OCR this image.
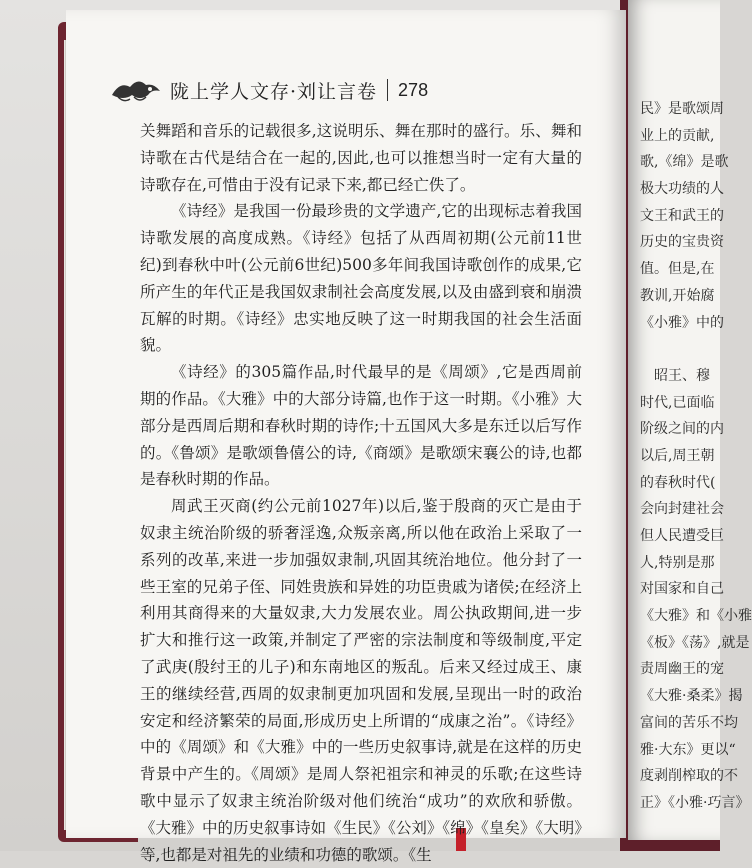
陇上学人文存·刘让言卷 278

关舞蹈和音乐的记载很多,这说明乐、舞在那时的盛行。乐、舞和诗歌在古代是结合在一起的,因此,也可以推想当时一定有大量的诗歌存在,可惜由于没有记录下来,都已经亡佚了。

《诗经》是我国一份最珍贵的文学遗产,它的出现标志着我国诗歌发展的高度成熟。《诗经》包括了从西周初期(公元前11世纪)到春秋中叶(公元前6世纪)500多年间我国诗歌创作的成果,它所产生的年代正是我国奴隶制社会高度发展,以及由盛到衰和崩溃瓦解的时期。《诗经》忠实地反映了这一时期我国的社会生活面貌。

《诗经》的305篇作品,时代最早的是《周颂》,它是西周前期的作品。《大雅》中的大部分诗篇,也作于这一时期。《小雅》大部分是西周后期和春秋时期的诗作;十五国风大多是东迁以后写作的。《鲁颂》是歌颂鲁僖公的诗,《商颂》是歌颂宋襄公的诗,也都是春秋时期的作品。

周武王灭商(约公元前1027年)以后,鉴于殷商的灭亡是由于奴隶主统治阶级的骄奢淫逸,众叛亲离,所以他在政治上采取了一系列的改革,来进一步加强奴隶制,巩固其统治地位。他分封了一些王室的兄弟子侄、同姓贵族和异姓的功臣贵戚为诸侯;在经济上利用其商得来的大量奴隶,大力发展农业。周公执政期间,进一步扩大和推行这一政策,并制定了严密的宗法制度和等级制度,平定了武庚(殷纣王的儿子)和东南地区的叛乱。后来又经过成王、康王的继续经营,西周的奴隶制更加巩固和发展,呈现出一时的政治安定和经济繁荣的局面,形成历史上所谓的“成康之治”。《诗经》中的《周颂》和《大雅》中的一些历史叙事诗,就是在这样的历史背景中产生的。《周颂》是周人祭祀祖宗和神灵的乐歌;在这些诗歌中显示了奴隶主统治阶级对他们统治“成功”的欢欣和骄傲。《大雅》中的历史叙事诗如《生民》《公刘》《绵》《皇矣》《大明》等,也都是对祖先的业绩和功德的歌颂。《生

民》是歌颂周
业上的贡献,
歌,《绵》是歌
极大功绩的人
文王和武王的
历史的宝贵资
值。但是,在
教训,开始腐
《小雅》中的
昭王、穆
时代,已面临
阶级之间的内
以后,周王朝
的春秋时代(
会向封建社会
但人民遭受巨
人,特别是那
对国家和自己
《大雅》和《小雅
《板》《荡》,就是
责周幽王的宠
《大雅·桑柔》揭
富间的苦乐不均
雅·大东》更以“
度剥削榨取的不
正》《小雅·巧言》
